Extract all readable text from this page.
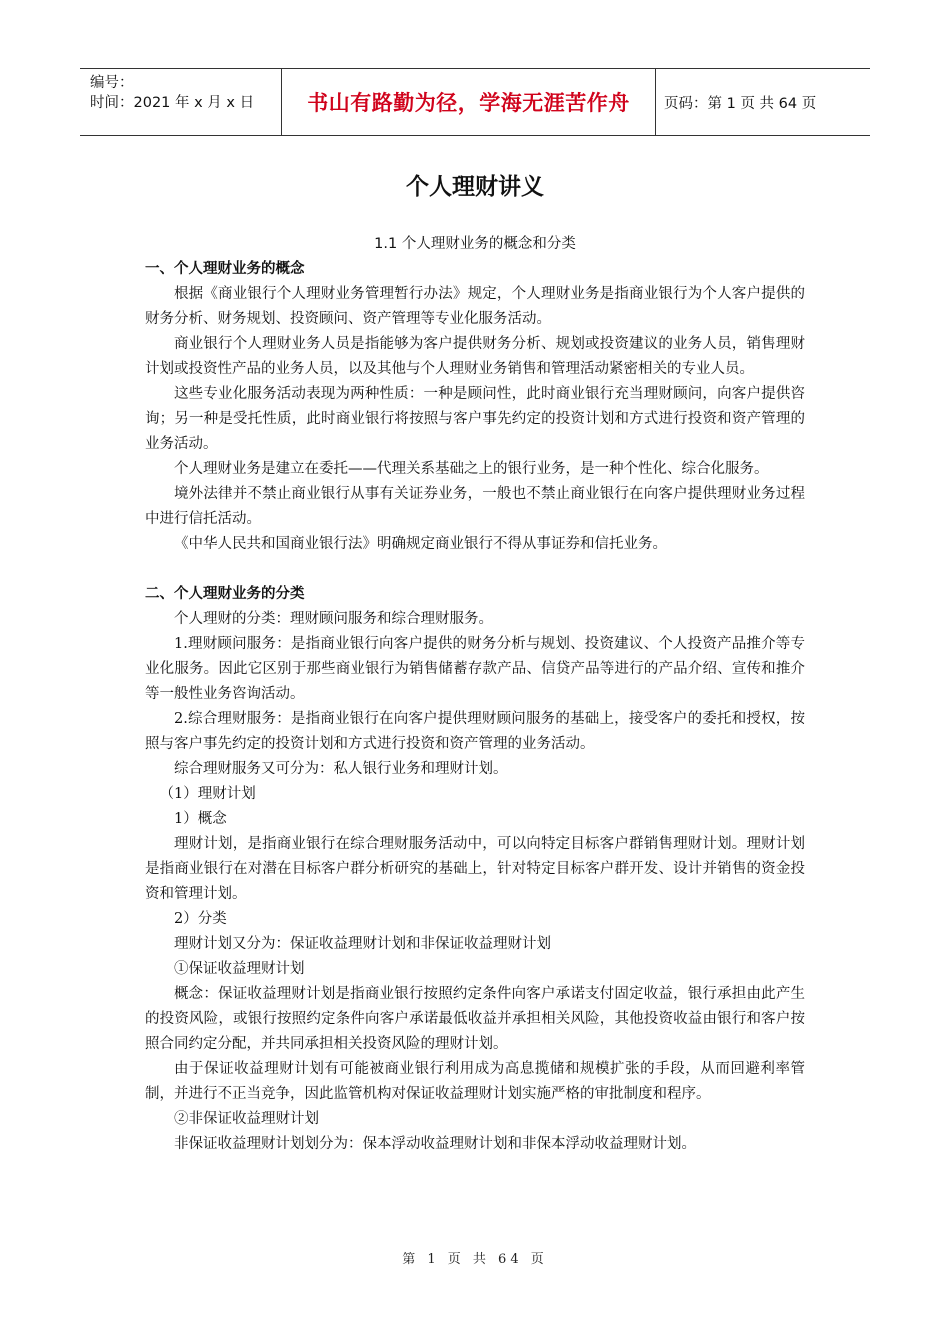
编号：
时间：2021 年 x 月 x 日	书山有路勤为径，学海无涯苦作舟 页码：第 1 页 共 64 页
个人理财讲义

1.1 个人理财业务的概念和分类

一、个人理财业务的概念

根据《商业银行个人理财业务管理暂行办法》规定，个人理财业务是指商业银行为个人客户提供的财务分析、财务规划、投资顾问、资产管理等专业化服务活动。

商业银行个人理财业务人员是指能够为客户提供财务分析、规划或投资建议的业务人员，销售理财计划或投资性产品的业务人员，以及其他与个人理财业务销售和管理活动紧密相关的专业人员。

这些专业化服务活动表现为两种性质：一种是顾问性，此时商业银行充当理财顾问，向客户提供咨询；另一种是受托性质，此时商业银行将按照与客户事先约定的投资计划和方式进行投资和资产管理的业务活动。

个人理财业务是建立在委托——代理关系基础之上的银行业务，是一种个性化、综合化服务。

境外法律并不禁止商业银行从事有关证券业务，一般也不禁止商业银行在向客户提供理财业务过程中进行信托活动。

《中华人民共和国商业银行法》明确规定商业银行不得从事证券和信托业务。

二、个人理财业务的分类

个人理财的分类：理财顾问服务和综合理财服务。

1.理财顾问服务：是指商业银行向客户提供的财务分析与规划、投资建议、个人投资产品推介等专业化服务。因此它区别于那些商业银行为销售储蓄存款产品、信贷产品等进行的产品介绍、宣传和推介等一般性业务咨询活动。

2.综合理财服务：是指商业银行在向客户提供理财顾问服务的基础上，接受客户的委托和授权，按照与客户事先约定的投资计划和方式进行投资和资产管理的业务活动。

综合理财服务又可分为：私人银行业务和理财计划。

（1）理财计划

1）概念

理财计划，是指商业银行在综合理财服务活动中，可以向特定目标客户群销售理财计划。理财计划是指商业银行在对潜在目标客户群分析研究的基础上，针对特定目标客户群开发、设计并销售的资金投资和管理计划。

2）分类

理财计划又分为：保证收益理财计划和非保证收益理财计划

①保证收益理财计划

概念：保证收益理财计划是指商业银行按照约定条件向客户承诺支付固定收益，银行承担由此产生的投资风险，或银行按照约定条件向客户承诺最低收益并承担相关风险，其他投资收益由银行和客户按照合同约定分配，并共同承担相关投资风险的理财计划。

由于保证收益理财计划有可能被商业银行利用成为高息揽储和规模扩张的手段，从而回避利率管制，并进行不正当竞争，因此监管机构对保证收益理财计划实施严格的审批制度和程序。

②非保证收益理财计划

非保证收益理财计划划分为：保本浮动收益理财计划和非保本浮动收益理财计划。

第 1 页 共 64 页
